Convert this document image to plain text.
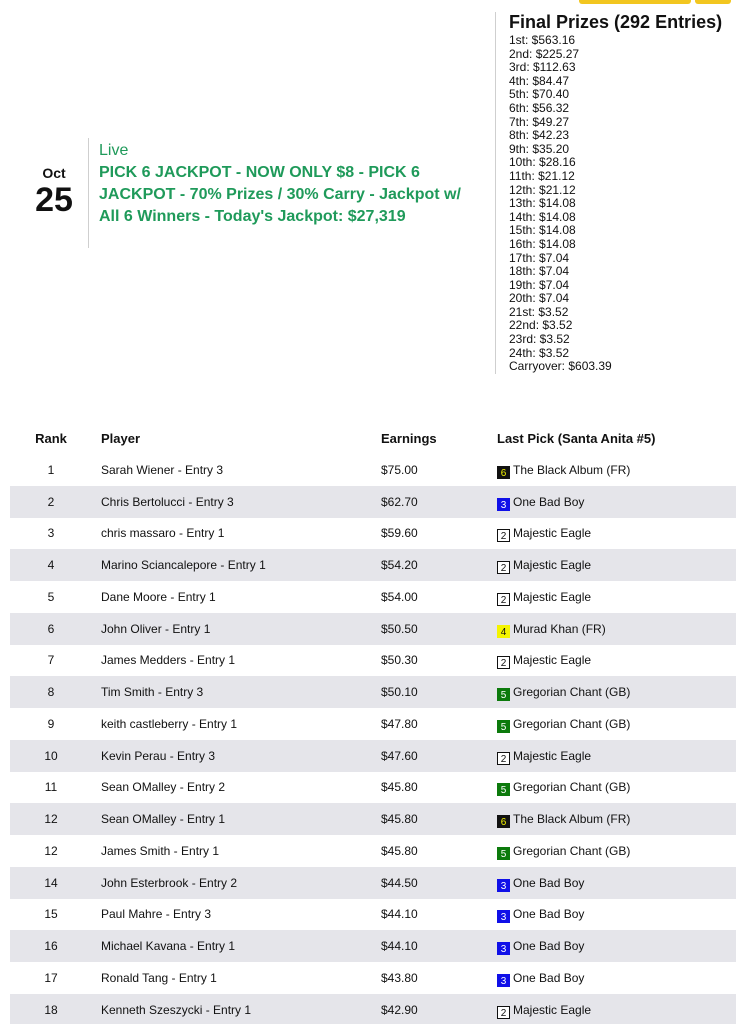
Oct
25
Live
PICK 6 JACKPOT - NOW ONLY $8 - PICK 6 JACKPOT - 70% Prizes / 30% Carry - Jackpot w/ All 6 Winners - Today's Jackpot: $27,319
Final Prizes (292 Entries)
1st: $563.16
2nd: $225.27
3rd: $112.63
4th: $84.47
5th: $70.40
6th: $56.32
7th: $49.27
8th: $42.23
9th: $35.20
10th: $28.16
11th: $21.12
12th: $21.12
13th: $14.08
14th: $14.08
15th: $14.08
16th: $14.08
17th: $7.04
18th: $7.04
19th: $7.04
20th: $7.04
21st: $3.52
22nd: $3.52
23rd: $3.52
24th: $3.52
Carryover: $603.39
Rank	Player	Earnings	Last Pick (Santa Anita #5)
1	Sarah Wiener - Entry 3	$75.00	6 The Black Album (FR)

2	Chris Bertolucci - Entry 3	$62.70	3 One Bad Boy

3	chris massaro - Entry 1	$59.60	2 Majestic Eagle

4	Marino Sciancalepore - Entry 1	$54.20	2 Majestic Eagle

5	Dane Moore - Entry 1	$54.00	2 Majestic Eagle

6	John Oliver - Entry 1	$50.50	4 Murad Khan (FR)

7	James Medders - Entry 1	$50.30	2 Majestic Eagle

8	Tim Smith - Entry 3	$50.10	5 Gregorian Chant (GB)

9	keith castleberry - Entry 1	$47.80	5 Gregorian Chant (GB)

10	Kevin Perau - Entry 3	$47.60	2 Majestic Eagle

11	Sean OMalley - Entry 2	$45.80	5 Gregorian Chant (GB)

12	Sean OMalley - Entry 1	$45.80	6 The Black Album (FR)

12	James Smith - Entry 1	$45.80	5 Gregorian Chant (GB)

14	John Esterbrook - Entry 2	$44.50	3 One Bad Boy

15	Paul Mahre - Entry 3	$44.10	3 One Bad Boy

16	Michael Kavana - Entry 1	$44.10	3 One Bad Boy

17	Ronald Tang - Entry 1	$43.80	3 One Bad Boy

18	Kenneth Szeszycki - Entry 1	$42.90	2 Majestic Eagle
